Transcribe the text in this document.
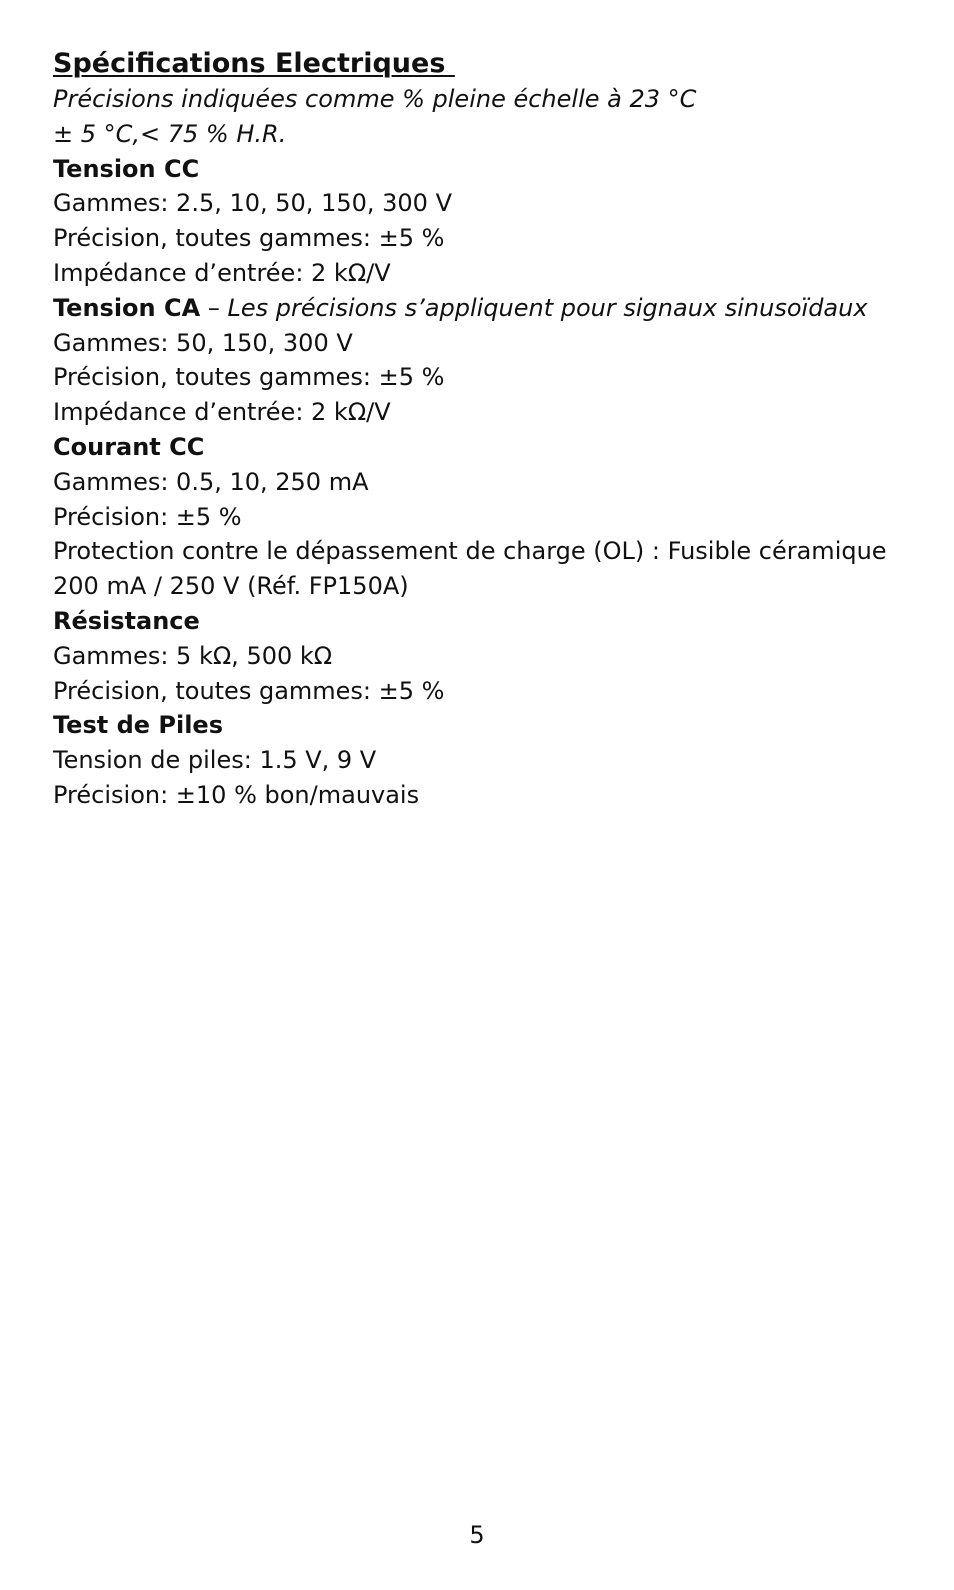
Spécifications Electriques
Précisions indiquées comme % pleine échelle à 23 °C
± 5 °C,< 75 % H.R.
Tension CC
Gammes: 2.5, 10, 50, 150, 300 V
Précision, toutes gammes: ±5 %
Impédance d’entrée: 2 kΩ/V
Tension CA – Les précisions s’appliquent pour signaux sinusoïdaux
Gammes: 50, 150, 300 V
Précision, toutes gammes: ±5 %
Impédance d’entrée: 2 kΩ/V
Courant CC
Gammes: 0.5, 10, 250 mA
Précision: ±5 %
Protection contre le dépassement de charge (OL) : Fusible céramique
200 mA / 250 V (Réf. FP150A)
Résistance
Gammes: 5 kΩ, 500 kΩ
Précision, toutes gammes: ±5 %
Test de Piles
Tension de piles: 1.5 V, 9 V
Précision: ±10 % bon/mauvais
5
